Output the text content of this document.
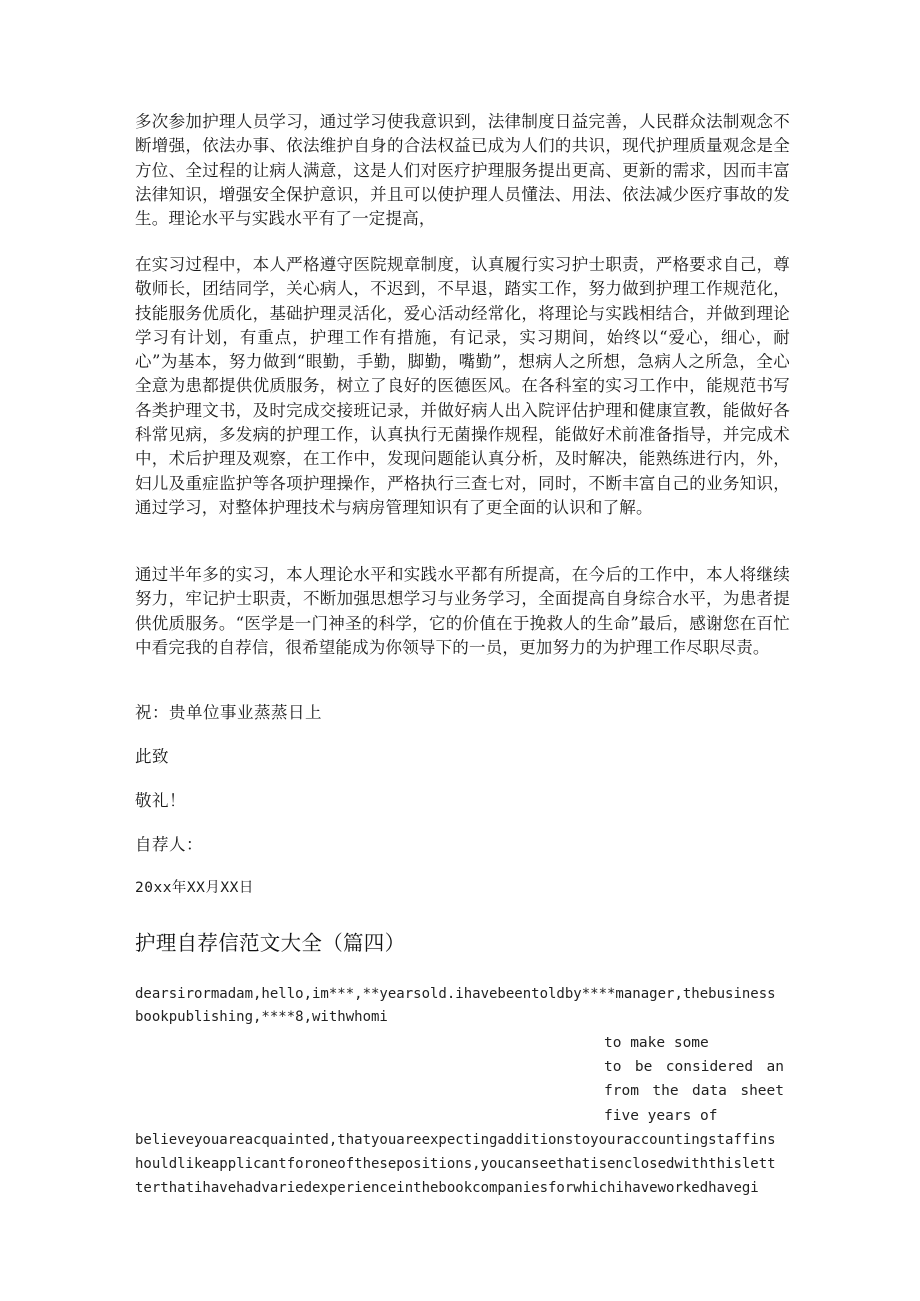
多次参加护理人员学习，通过学习使我意识到，法律制度日益完善，人民群众法制观念不断增强，依法办事、依法维护自身的合法权益已成为人们的共识，现代护理质量观念是全方位、全过程的让病人满意，这是人们对医疗护理服务提出更高、更新的需求，因而丰富法律知识，增强安全保护意识，并且可以使护理人员懂法、用法、依法减少医疗事故的发生。理论水平与实践水平有了一定提高，

在实习过程中，本人严格遵守医院规章制度，认真履行实习护士职责，严格要求自己，尊敬师长，团结同学，关心病人，不迟到，不早退，踏实工作，努力做到护理工作规范化，技能服务优质化，基础护理灵活化，爱心活动经常化，将理论与实践相结合，并做到理论学习有计划，有重点，护理工作有措施，有记录，实习期间，始终以“爱心，细心，耐心”为基本，努力做到“眼勤，手勤，脚勤，嘴勤”，想病人之所想，急病人之所急，全心全意为患都提供优质服务，树立了良好的医德医风。在各科室的实习工作中，能规范书写各类护理文书，及时完成交接班记录，并做好病人出入院评估护理和健康宣教，能做好各科常见病，多发病的护理工作，认真执行无菌操作规程，能做好术前准备指导，并完成术中，术后护理及观察，在工作中，发现问题能认真分析，及时解决，能熟练进行内，外，妇儿及重症监护等各项护理操作，严格执行三查七对，同时，不断丰富自己的业务知识，通过学习，对整体护理技术与病房管理知识有了更全面的认识和了解。

通过半年多的实习，本人理论水平和实践水平都有所提高，在今后的工作中，本人将继续努力，牢记护士职责，不断加强思想学习与业务学习，全面提高自身综合水平，为患者提供优质服务。“医学是一门神圣的科学，它的价值在于挽救人的生命”最后，感谢您在百忙中看完我的自荐信，很希望能成为你领导下的一员，更加努力的为护理工作尽职尽责。

祝：贵单位事业蒸蒸日上

此致

敬礼！

自荐人：

20xx年XX月XX日

护理自荐信范文大全（篇四）

dearsirormadam,hello,im***,**yearsold.ihavebeentoldby****manager,thebusinessbookpublishing,****8,withwhomi

to make some
to be considered an
from the data sheet
five years of

believeyouareacquainted,thatyouareexpectingadditionstoyouraccountingstaffinshouldlikeapplicantforoneofthesepositions,youcanseethatisenclosedwiththislettterthatihavehadvariedexperienceinthebookcompaniesforwhichihaveworkedhavegi
